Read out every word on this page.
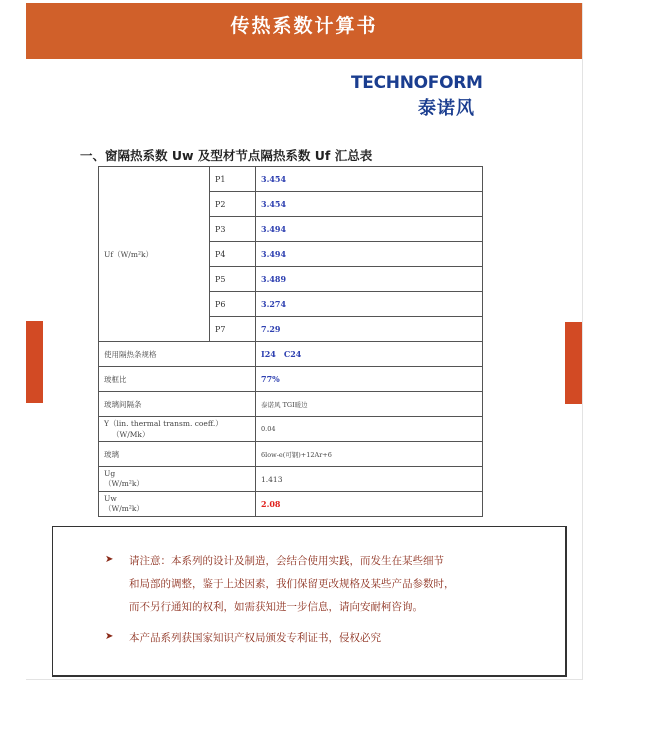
传热系数计算书
TECHNOFORM
泰诺风
一、窗隔热系数 Uw 及型材节点隔热系数 Uf 汇总表
Uf（W/m²k）	P1	3.454
	P2	3.454
	P3	3.494
	P4	3.494
	P5	3.489
	P6	3.274
	P7	7.29
使用隔热条规格		I24　C24
玻框比		77%
玻璃间隔条		泰诺风 TGI暖边

Y（lin. thermal transm. coeff.）
（W/Mk）		0.04
玻璃		6low-e(可钢)+12Ar+6

Ug
（W/m²k）		1.413

Uw
（W/m²k）		2.08
➤ 请注意：本系列的设计及制造，会结合使用实践，而发生在某些细节
和局部的调整，鉴于上述因素，我们保留更改规格及某些产品参数时，
而不另行通知的权利，如需获知进一步信息，请向安耐柯咨询。
➤ 本产品系列获国家知识产权局颁发专利证书，侵权必究
